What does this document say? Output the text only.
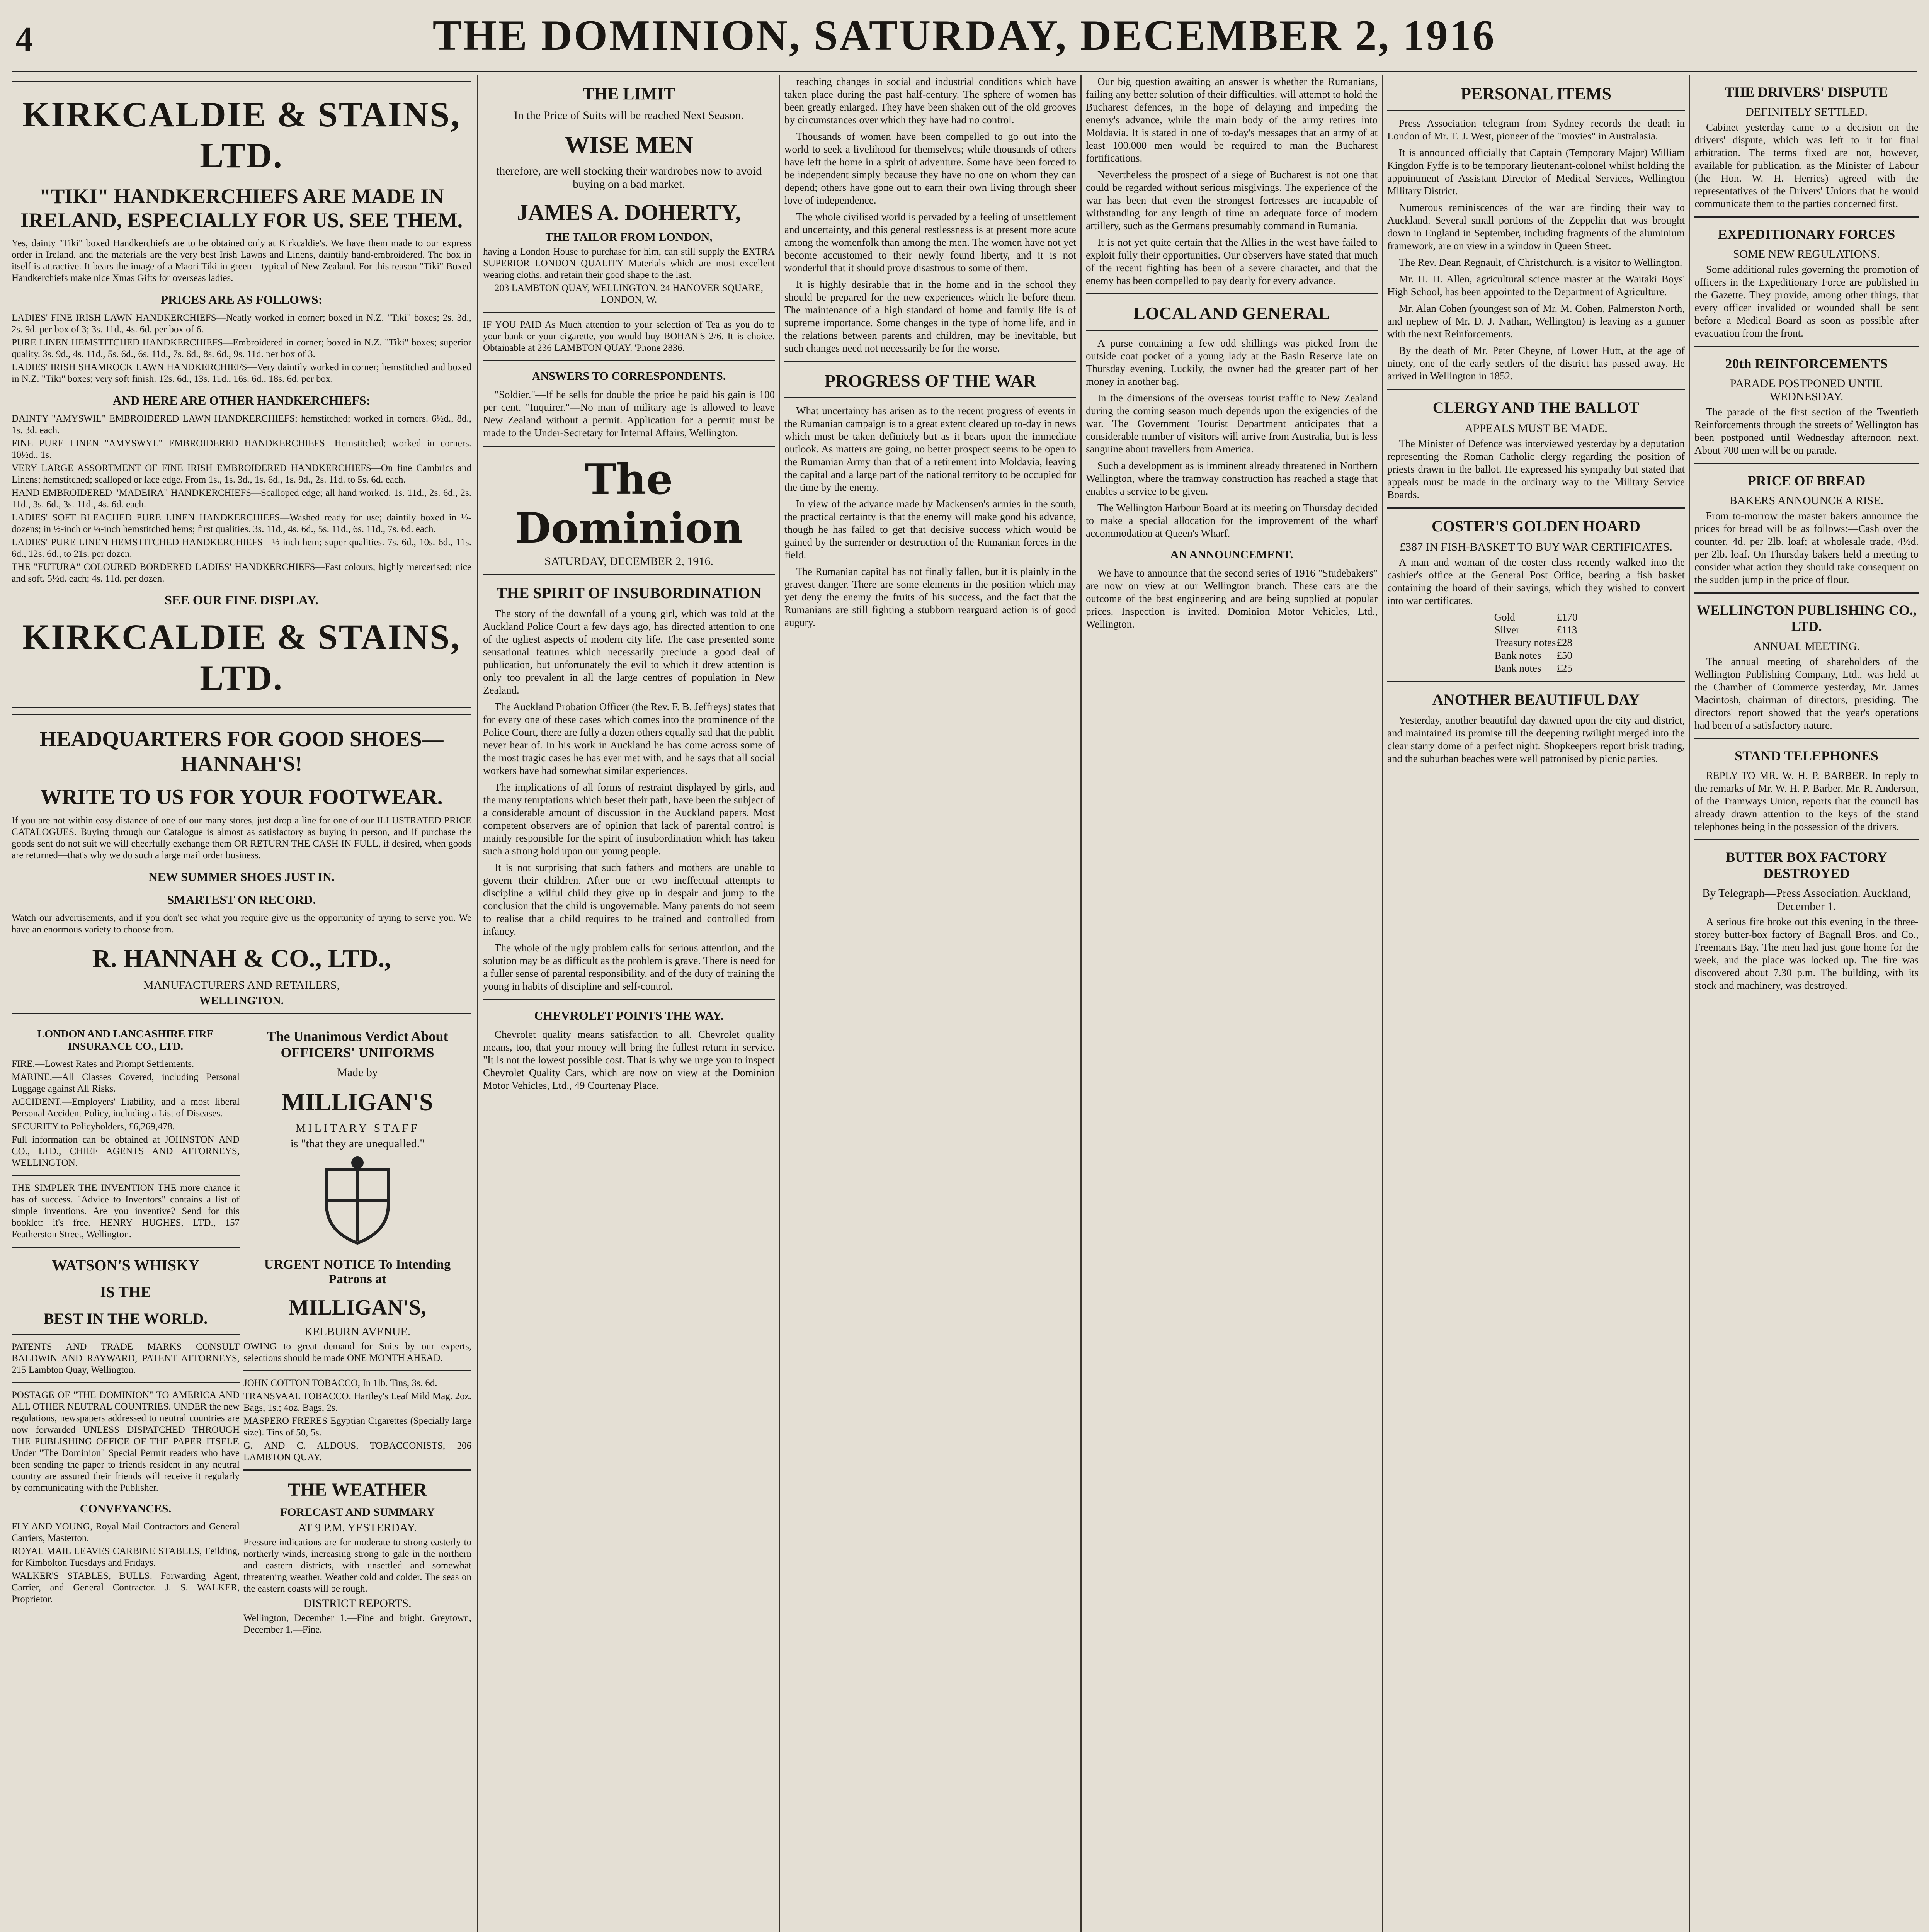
4	THE DOMINION, SATURDAY, DECEMBER 2, 1916
KIRKCALDIE & STAINS, LTD.
"TIKI" HANDKERCHIEFS ARE MADE IN IRELAND, ESPECIALLY FOR US. SEE THEM.

Yes, dainty "Tiki" boxed Handkerchiefs are to be obtained only at Kirkcaldie's. We have them made to our express order in Ireland, and the materials are the very best Irish Lawns and Linens, daintily hand-embroidered. The box in itself is attractive. It bears the image of a Maori Tiki in green—typical of New Zealand. For this reason "Tiki" Boxed Handkerchiefs make nice Xmas Gifts for overseas ladies.

PRICES ARE AS FOLLOWS:

LADIES' FINE IRISH LAWN HANDKERCHIEFS—Neatly worked in corner; boxed in N.Z. "Tiki" boxes; 2s. 3d., 2s. 9d. per box of 3; 3s. 11d., 4s. 6d. per box of 6.

PURE LINEN HEMSTITCHED HANDKERCHIEFS—Embroidered in corner; boxed in N.Z. "Tiki" boxes; superior quality. 3s. 9d., 4s. 11d., 5s. 6d., 6s. 11d., 7s. 6d., 8s. 6d., 9s. 11d. per box of 3.

LADIES' IRISH SHAMROCK LAWN HANDKERCHIEFS—Very daintily worked in corner; hemstitched and boxed in N.Z. "Tiki" boxes; very soft finish. 12s. 6d., 13s. 11d., 16s. 6d., 18s. 6d. per box.

AND HERE ARE OTHER HANDKERCHIEFS:

DAINTY "AMYSWIL" EMBROIDERED LAWN HANDKERCHIEFS; hemstitched; worked in corners. 6½d., 8d., 1s. 3d. each.

FINE PURE LINEN "AMYSWYL" EMBROIDERED HANDKERCHIEFS—Hemstitched; worked in corners. 10½d., 1s.

VERY LARGE ASSORTMENT OF FINE IRISH EMBROIDERED HANDKERCHIEFS—On fine Cambrics and Linens; hemstitched; scalloped or lace edge. From 1s., 1s. 3d., 1s. 6d., 1s. 9d., 2s. 11d. to 5s. 6d. each.

HAND EMBROIDERED "MADEIRA" HANDKERCHIEFS—Scalloped edge; all hand worked. 1s. 11d., 2s. 6d., 2s. 11d., 3s. 6d., 3s. 11d., 4s. 6d. each.

LADIES' SOFT BLEACHED PURE LINEN HANDKERCHIEFS—Washed ready for use; daintily boxed in ½-dozens; in ½-inch or ¼-inch hemstitched hems; first qualities. 3s. 11d., 4s. 6d., 5s. 11d., 6s. 11d., 7s. 6d. each.

LADIES' PURE LINEN HEMSTITCHED HANDKERCHIEFS—½-inch hem; super qualities. 7s. 6d., 10s. 6d., 11s. 6d., 12s. 6d., to 21s. per dozen.

THE "FUTURA" COLOURED BORDERED LADIES' HANDKERCHIEFS—Fast colours; highly mercerised; nice and soft. 5½d. each; 4s. 11d. per dozen.

SEE OUR FINE DISPLAY.
KIRKCALDIE & STAINS, LTD.
HEADQUARTERS FOR GOOD SHOES—HANNAH'S!
WRITE TO US FOR YOUR FOOTWEAR.

If you are not within easy distance of one of our many stores, just drop a line for one of our ILLUSTRATED PRICE CATALOGUES. Buying through our Catalogue is almost as satisfactory as buying in person, and if purchase the goods sent do not suit we will cheerfully exchange them OR RETURN THE CASH IN FULL, if desired, when goods are returned—that's why we do such a large mail order business.

NEW SUMMER SHOES JUST IN.
SMARTEST ON RECORD.

Watch our advertisements, and if you don't see what you require give us the opportunity of trying to serve you. We have an enormous variety to choose from.

R. HANNAH & CO., LTD.,
MANUFACTURERS AND RETAILERS,
WELLINGTON.
LONDON AND LANCASHIRE FIRE INSURANCE CO., LTD.

FIRE.—Lowest Rates and Prompt Settlements.

MARINE.—All Classes Covered, including Personal Luggage against All Risks.

ACCIDENT.—Employers' Liability, and a most liberal Personal Accident Policy, including a List of Diseases.

SECURITY to Policyholders, £6,269,478.

Full information can be obtained at JOHNSTON AND CO., LTD., CHIEF AGENTS AND ATTORNEYS, WELLINGTON.

THE SIMPLER THE INVENTION THE more chance it has of success. "Advice to Inventors" contains a list of simple inventions. Are you inventive? Send for this booklet: it's free. HENRY HUGHES, LTD., 157 Featherston Street, Wellington.

WATSON'S WHISKY
IS THE
BEST IN THE WORLD.

PATENTS AND TRADE MARKS CONSULT BALDWIN AND RAYWARD, PATENT ATTORNEYS, 215 Lambton Quay, Wellington.

POSTAGE OF "THE DOMINION" TO AMERICA AND ALL OTHER NEUTRAL COUNTRIES. UNDER the new regulations, newspapers addressed to neutral countries are now forwarded UNLESS DISPATCHED THROUGH THE PUBLISHING OFFICE OF THE PAPER ITSELF. Under "The Dominion" Special Permit readers who have been sending the paper to friends resident in any neutral country are assured their friends will receive it regularly by communicating with the Publisher.

CONVEYANCES.

FLY AND YOUNG, Royal Mail Contractors and General Carriers, Masterton.

ROYAL MAIL LEAVES CARBINE STABLES, Feilding, for Kimbolton Tuesdays and Fridays.

WALKER'S STABLES, BULLS. Forwarding Agent, Carrier, and General Contractor. J. S. WALKER, Proprietor.

The Unanimous Verdict About OFFICERS' UNIFORMS
Made by
MILLIGAN'S
MILITARY STAFF
is "that they are unequalled."
URGENT NOTICE To Intending Patrons at
MILLIGAN'S,
KELBURN AVENUE.

OWING to great demand for Suits by our experts, selections should be made ONE MONTH AHEAD.

JOHN COTTON TOBACCO, In 1lb. Tins, 3s. 6d.

TRANSVAAL TOBACCO. Hartley's Leaf Mild Mag. 2oz. Bags, 1s.; 4oz. Bags, 2s.

MASPERO FRERES Egyptian Cigarettes (Specially large size). Tins of 50, 5s.

G. AND C. ALDOUS, TOBACCONISTS, 206 LAMBTON QUAY.

THE WEATHER
FORECAST AND SUMMARY
AT 9 P.M. YESTERDAY.

Pressure indications are for moderate to strong easterly to northerly winds, increasing strong to gale in the northern and eastern districts, with unsettled and somewhat threatening weather. Weather cold and colder. The seas on the eastern coasts will be rough.

DISTRICT REPORTS.

Wellington, December 1.—Fine and bright. Greytown, December 1.—Fine.

THE LIMIT
In the Price of Suits will be reached Next Season.
WISE MEN
therefore, are well stocking their wardrobes now to avoid buying on a bad market.
JAMES A. DOHERTY,
THE TAILOR FROM LONDON,

having a London House to purchase for him, can still supply the EXTRA SUPERIOR LONDON QUALITY Materials which are most excellent wearing cloths, and retain their good shape to the last.

203 LAMBTON QUAY, WELLINGTON. 24 HANOVER SQUARE, LONDON, W.

IF YOU PAID As Much attention to your selection of Tea as you do to your bank or your cigarette, you would buy BOHAN'S 2/6. It is choice. Obtainable at 236 LAMBTON QUAY. 'Phone 2836.

ANSWERS TO CORRESPONDENTS.

"Soldier."—If he sells for double the price he paid his gain is 100 per cent. "Inquirer."—No man of military age is allowed to leave New Zealand without a permit. Application for a permit must be made to the Under-Secretary for Internal Affairs, Wellington.

The Dominion
SATURDAY, DECEMBER 2, 1916.
THE SPIRIT OF INSUBORDINATION

The story of the downfall of a young girl, which was told at the Auckland Police Court a few days ago, has directed attention to one of the ugliest aspects of modern city life. The case presented some sensational features which necessarily preclude a good deal of publication, but unfortunately the evil to which it drew attention is only too prevalent in all the large centres of population in New Zealand.

The Auckland Probation Officer (the Rev. F. B. Jeffreys) states that for every one of these cases which comes into the prominence of the Police Court, there are fully a dozen others equally sad that the public never hear of. In his work in Auckland he has come across some of the most tragic cases he has ever met with, and he says that all social workers have had somewhat similar experiences.

The implications of all forms of restraint displayed by girls, and the many temptations which beset their path, have been the subject of a considerable amount of discussion in the Auckland papers. Most competent observers are of opinion that lack of parental control is mainly responsible for the spirit of insubordination which has taken such a strong hold upon our young people.

It is not surprising that such fathers and mothers are unable to govern their children. After one or two ineffectual attempts to discipline a wilful child they give up in despair and jump to the conclusion that the child is ungovernable. Many parents do not seem to realise that a child requires to be trained and controlled from infancy.

The whole of the ugly problem calls for serious attention, and the solution may be as difficult as the problem is grave. There is need for a fuller sense of parental responsibility, and of the duty of training the young in habits of discipline and self-control.

CHEVROLET POINTS THE WAY.

Chevrolet quality means satisfaction to all. Chevrolet quality means, too, that your money will bring the fullest return in service. "It is not the lowest possible cost. That is why we urge you to inspect Chevrolet Quality Cars, which are now on view at the Dominion Motor Vehicles, Ltd., 49 Courtenay Place.

reaching changes in social and industrial conditions which have taken place during the past half-century. The sphere of women has been greatly enlarged. They have been shaken out of the old grooves by circumstances over which they have had no control.

Thousands of women have been compelled to go out into the world to seek a livelihood for themselves; while thousands of others have left the home in a spirit of adventure. Some have been forced to be independent simply because they have no one on whom they can depend; others have gone out to earn their own living through sheer love of independence.

The whole civilised world is pervaded by a feeling of unsettlement and uncertainty, and this general restlessness is at present more acute among the womenfolk than among the men. The women have not yet become accustomed to their newly found liberty, and it is not wonderful that it should prove disastrous to some of them.

It is highly desirable that in the home and in the school they should be prepared for the new experiences which lie before them. The maintenance of a high standard of home and family life is of supreme importance. Some changes in the type of home life, and in the relations between parents and children, may be inevitable, but such changes need not necessarily be for the worse.

PROGRESS OF THE WAR

What uncertainty has arisen as to the recent progress of events in the Rumanian campaign is to a great extent cleared up to-day in news which must be taken definitely but as it bears upon the immediate outlook. As matters are going, no better prospect seems to be open to the Rumanian Army than that of a retirement into Moldavia, leaving the capital and a large part of the national territory to be occupied for the time by the enemy.

In view of the advance made by Mackensen's armies in the south, the practical certainty is that the enemy will make good his advance, though he has failed to get that decisive success which would be gained by the surrender or destruction of the Rumanian forces in the field.

The Rumanian capital has not finally fallen, but it is plainly in the gravest danger. There are some elements in the position which may yet deny the enemy the fruits of his success, and the fact that the Rumanians are still fighting a stubborn rearguard action is of good augury.

Our big question awaiting an answer is whether the Rumanians, failing any better solution of their difficulties, will attempt to hold the Bucharest defences, in the hope of delaying and impeding the enemy's advance, while the main body of the army retires into Moldavia. It is stated in one of to-day's messages that an army of at least 100,000 men would be required to man the Bucharest fortifications.

Nevertheless the prospect of a siege of Bucharest is not one that could be regarded without serious misgivings. The experience of the war has been that even the strongest fortresses are incapable of withstanding for any length of time an adequate force of modern artillery, such as the Germans presumably command in Rumania.

It is not yet quite certain that the Allies in the west have failed to exploit fully their opportunities. Our observers have stated that much of the recent fighting has been of a severe character, and that the enemy has been compelled to pay dearly for every advance.

LOCAL AND GENERAL

A purse containing a few odd shillings was picked from the outside coat pocket of a young lady at the Basin Reserve late on Thursday evening. Luckily, the owner had the greater part of her money in another bag.

In the dimensions of the overseas tourist traffic to New Zealand during the coming season much depends upon the exigencies of the war. The Government Tourist Department anticipates that a considerable number of visitors will arrive from Australia, but is less sanguine about travellers from America.

Such a development as is imminent already threatened in Northern Wellington, where the tramway construction has reached a stage that enables a service to be given.

The Wellington Harbour Board at its meeting on Thursday decided to make a special allocation for the improvement of the wharf accommodation at Queen's Wharf.

AN ANNOUNCEMENT.

We have to announce that the second series of 1916 "Studebakers" are now on view at our Wellington branch. These cars are the outcome of the best engineering and are being supplied at popular prices. Inspection is invited. Dominion Motor Vehicles, Ltd., Wellington.

PERSONAL ITEMS

Press Association telegram from Sydney records the death in London of Mr. T. J. West, pioneer of the "movies" in Australasia.

It is announced officially that Captain (Temporary Major) William Kingdon Fyffe is to be temporary lieutenant-colonel whilst holding the appointment of Assistant Director of Medical Services, Wellington Military District.

Numerous reminiscences of the war are finding their way to Auckland. Several small portions of the Zeppelin that was brought down in England in September, including fragments of the aluminium framework, are on view in a window in Queen Street.

The Rev. Dean Regnault, of Christchurch, is a visitor to Wellington.

Mr. H. H. Allen, agricultural science master at the Waitaki Boys' High School, has been appointed to the Department of Agriculture.

Mr. Alan Cohen (youngest son of Mr. M. Cohen, Palmerston North, and nephew of Mr. D. J. Nathan, Wellington) is leaving as a gunner with the next Reinforcements.

By the death of Mr. Peter Cheyne, of Lower Hutt, at the age of ninety, one of the early settlers of the district has passed away. He arrived in Wellington in 1852.

CLERGY AND THE BALLOT
APPEALS MUST BE MADE.

The Minister of Defence was interviewed yesterday by a deputation representing the Roman Catholic clergy regarding the position of priests drawn in the ballot. He expressed his sympathy but stated that appeals must be made in the ordinary way to the Military Service Boards.

COSTER'S GOLDEN HOARD
£387 IN FISH-BASKET TO BUY WAR CERTIFICATES.

A man and woman of the coster class recently walked into the cashier's office at the General Post Office, bearing a fish basket containing the hoard of their savings, which they wished to convert into war certificates.

Gold	£170
Silver	£113
Treasury notes	£28
Bank notes	£50
Bank notes	£25
ANOTHER BEAUTIFUL DAY

Yesterday, another beautiful day dawned upon the city and district, and maintained its promise till the deepening twilight merged into the clear starry dome of a perfect night. Shopkeepers report brisk trading, and the suburban beaches were well patronised by picnic parties.

THE DRIVERS' DISPUTE
DEFINITELY SETTLED.

Cabinet yesterday came to a decision on the drivers' dispute, which was left to it for final arbitration. The terms fixed are not, however, available for publication, as the Minister of Labour (the Hon. W. H. Herries) agreed with the representatives of the Drivers' Unions that he would communicate them to the parties concerned first.

EXPEDITIONARY FORCES
SOME NEW REGULATIONS.

Some additional rules governing the promotion of officers in the Expeditionary Force are published in the Gazette. They provide, among other things, that every officer invalided or wounded shall be sent before a Medical Board as soon as possible after evacuation from the front.

20th REINFORCEMENTS
PARADE POSTPONED UNTIL WEDNESDAY.

The parade of the first section of the Twentieth Reinforcements through the streets of Wellington has been postponed until Wednesday afternoon next. About 700 men will be on parade.

PRICE OF BREAD
BAKERS ANNOUNCE A RISE.

From to-morrow the master bakers announce the prices for bread will be as follows:—Cash over the counter, 4d. per 2lb. loaf; at wholesale trade, 4½d. per 2lb. loaf. On Thursday bakers held a meeting to consider what action they should take consequent on the sudden jump in the price of flour.

WELLINGTON PUBLISHING CO., LTD.
ANNUAL MEETING.

The annual meeting of shareholders of the Wellington Publishing Company, Ltd., was held at the Chamber of Commerce yesterday, Mr. James Macintosh, chairman of directors, presiding. The directors' report showed that the year's operations had been of a satisfactory nature.

STAND TELEPHONES

REPLY TO MR. W. H. P. BARBER. In reply to the remarks of Mr. W. H. P. Barber, Mr. R. Anderson, of the Tramways Union, reports that the council has already drawn attention to the keys of the stand telephones being in the possession of the drivers.

BUTTER BOX FACTORY DESTROYED
By Telegraph—Press Association. Auckland, December 1.

A serious fire broke out this evening in the three-storey butter-box factory of Bagnall Bros. and Co., Freeman's Bay. The men had just gone home for the week, and the place was locked up. The fire was discovered about 7.30 p.m. The building, with its stock and machinery, was destroyed.
